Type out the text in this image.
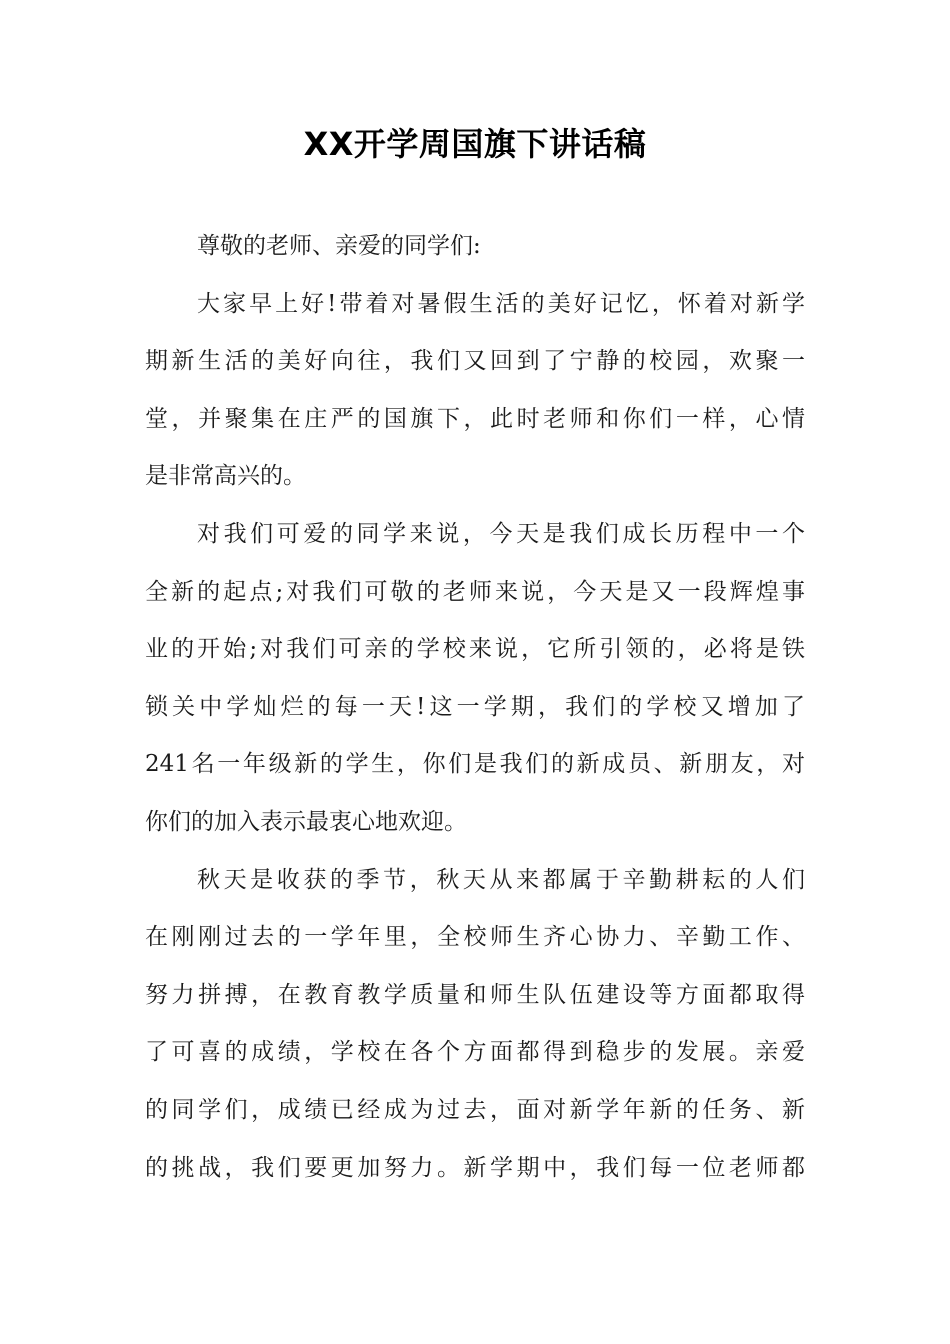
XX开学周国旗下讲话稿
尊敬的老师、亲爱的同学们:
大家早上好!带着对暑假生活的美好记忆，怀着对新学
期新生活的美好向往，我们又回到了宁静的校园，欢聚一
堂，并聚集在庄严的国旗下，此时老师和你们一样，心情
是非常高兴的。
对我们可爱的同学来说，今天是我们成长历程中一个
全新的起点;对我们可敬的老师来说，今天是又一段辉煌事
业的开始;对我们可亲的学校来说，它所引领的，必将是铁
锁关中学灿烂的每一天!这一学期，我们的学校又增加了
241名一年级新的学生，你们是我们的新成员、新朋友，对
你们的加入表示最衷心地欢迎。
秋天是收获的季节，秋天从来都属于辛勤耕耘的人们
在刚刚过去的一学年里，全校师生齐心协力、辛勤工作、
努力拼搏，在教育教学质量和师生队伍建设等方面都取得
了可喜的成绩，学校在各个方面都得到稳步的发展。亲爱
的同学们，成绩已经成为过去，面对新学年新的任务、新
的挑战，我们要更加努力。新学期中，我们每一位老师都
